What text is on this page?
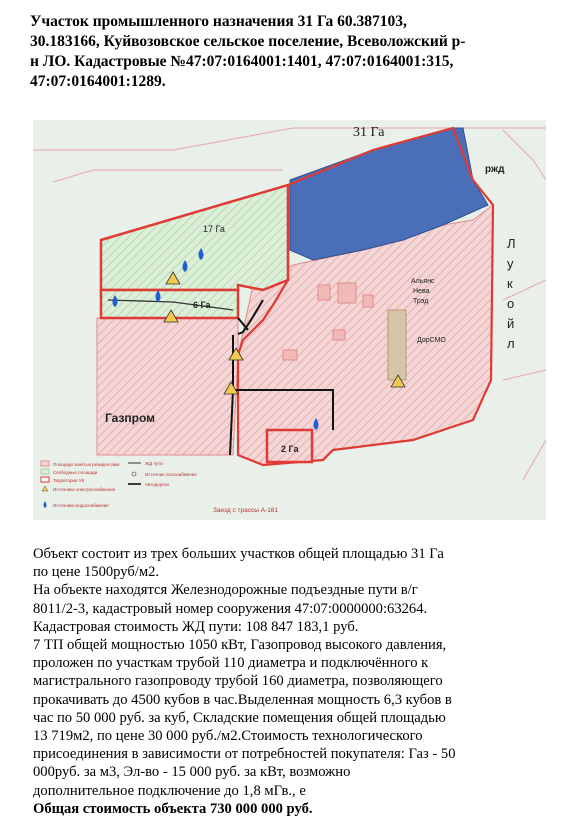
Участок промышленного назначения 31 Га 60.387103,
30.183166, Куйвозовское сельское поселение, Всеволожский р-
н ЛО. Кадастровые №47:07:0164001:1401, 47:07:0164001:315,
47:07:0164001:1289.
31 Га
17 Га
6 Га
2 Га
Газпром
Альянс
Нева
Трэд
ДорСМО
ржд
Л
у
к
о
й
л
Заезд с трассы А-181
Площади занятых резидентами
Свободные площади
Территория УК
Источники электроснабжения
Источники водоснабжения
ЖД пути
Источник газоснабжения
Автодороги

Объект состоит из трех больших участков общей площадью 31 Га

по цене 1500руб/м2.

На объекте находятся Железнодорожные подъездные пути в/г

8011/2-3, кадастровый номер сооружения 47:07:0000000:63264.

Кадастровая стоимость ЖД пути: 108 847 183,1 руб.

7 ТП общей мощностью 1050 кВт, Газопровод высокого давления,

проложен по участкам трубой 110 диаметра и подключённого к

магистрального газопроводу трубой 160 диаметра, позволяющего

прокачивать до 4500 кубов в час.Выделенная мощность 6,3 кубов в

час по 50 000 руб. за куб, Складские помещения общей площадью

13 719м2, по цене 30 000 руб./м2.Стоимость технологического

присоединения в зависимости от потребностей покупателя: Газ - 50

000руб. за м3, Эл-во - 15 000 руб. за кВт, возможно

дополнительное подключение до 1,8 мГв., е

Общая стоимость объекта 730 000 000 руб.
